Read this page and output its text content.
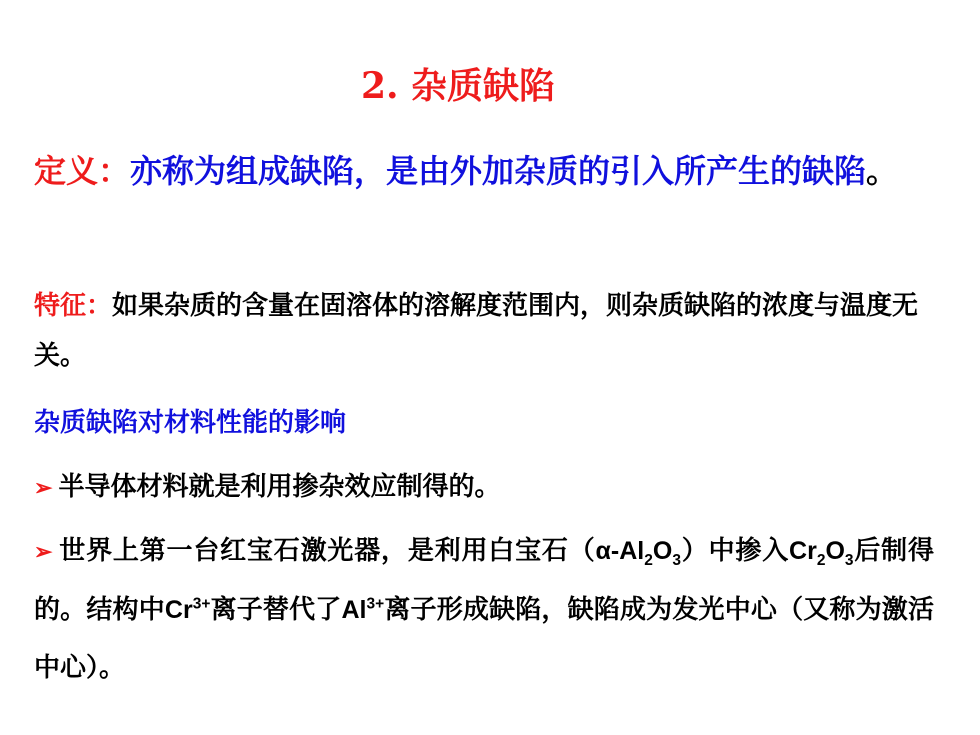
2. 杂质缺陷
定义：亦称为组成缺陷，是由外加杂质的引入所产生的缺陷。
特征：如果杂质的含量在固溶体的溶解度范围内，则杂质缺陷的浓度与温度无关。
杂质缺陷对材料性能的影响
➢ 半导体材料就是利用掺杂效应制得的。
➢ 世界上第一台红宝石激光器，是利用白宝石$(\alpha-Al_2O_3)$中掺入$Cr_2O_3$后制得的。结构中$Cr^{3+}$离子替代了$Al^{3+}$离子形成缺陷，缺陷成为发光中心（又称为激活中心）。
